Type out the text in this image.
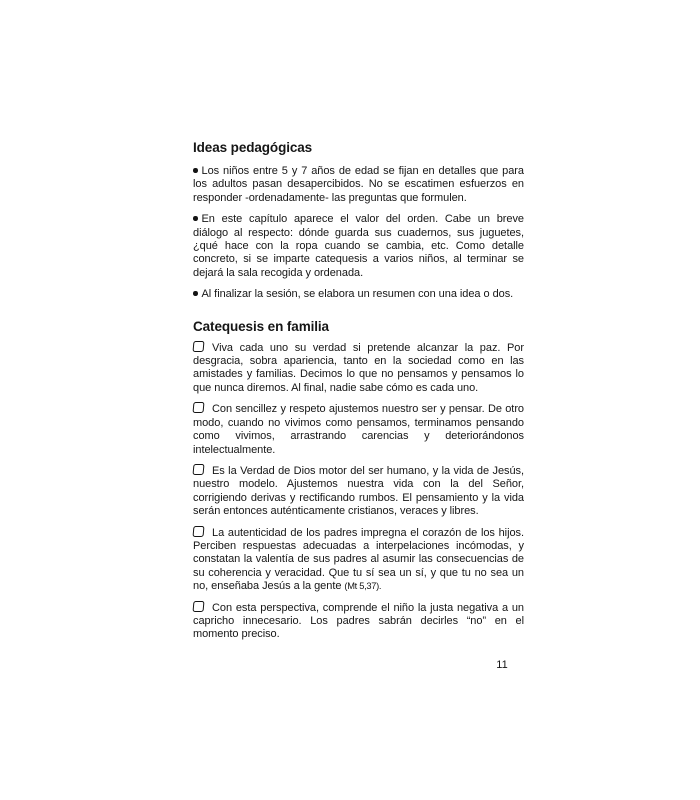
Ideas pedagógicas

Los niños entre 5 y 7 años de edad se fijan en detalles que para los adultos pasan desapercibidos. No se escatimen esfuerzos en responder -ordenadamente- las preguntas que formulen.

En este capítulo aparece el valor del orden. Cabe un breve diálogo al respecto: dónde guarda sus cuadernos, sus juguetes, ¿qué hace con la ropa cuando se cambia, etc. Como detalle concreto, si se imparte catequesis a varios niños, al terminar se dejará la sala recogida y ordenada.

Al finalizar la sesión, se elabora un resumen con una idea o dos.

Catequesis en familia

Viva cada uno su verdad si pretende alcanzar la paz. Por desgracia, sobra apariencia, tanto en la sociedad como en las amistades y familias. Decimos lo que no pensamos y pensamos lo que nunca diremos. Al final, nadie sabe cómo es cada uno.

Con sencillez y respeto ajustemos nuestro ser y pensar. De otro modo, cuando no vivimos como pensamos, terminamos pensando como vivimos, arrastrando carencias y deteriorándonos intelectualmente.

Es la Verdad de Dios motor del ser humano, y la vida de Jesús, nuestro modelo. Ajustemos nuestra vida con la del Señor, corrigiendo derivas y rectificando rumbos. El pensamiento y la vida serán entonces auténticamente cristianos, veraces y libres.

La autenticidad de los padres impregna el corazón de los hijos. Perciben respuestas adecuadas a interpelaciones incómodas, y constatan la valentía de sus padres al asumir las consecuencias de su coherencia y veracidad. Que tu sí sea un sí, y que tu no sea un no, enseñaba Jesús a la gente (Mt 5,37).

Con esta perspectiva, comprende el niño la justa negativa a un capricho innecesario. Los padres sabrán decirles “no” en el momento preciso.

11
